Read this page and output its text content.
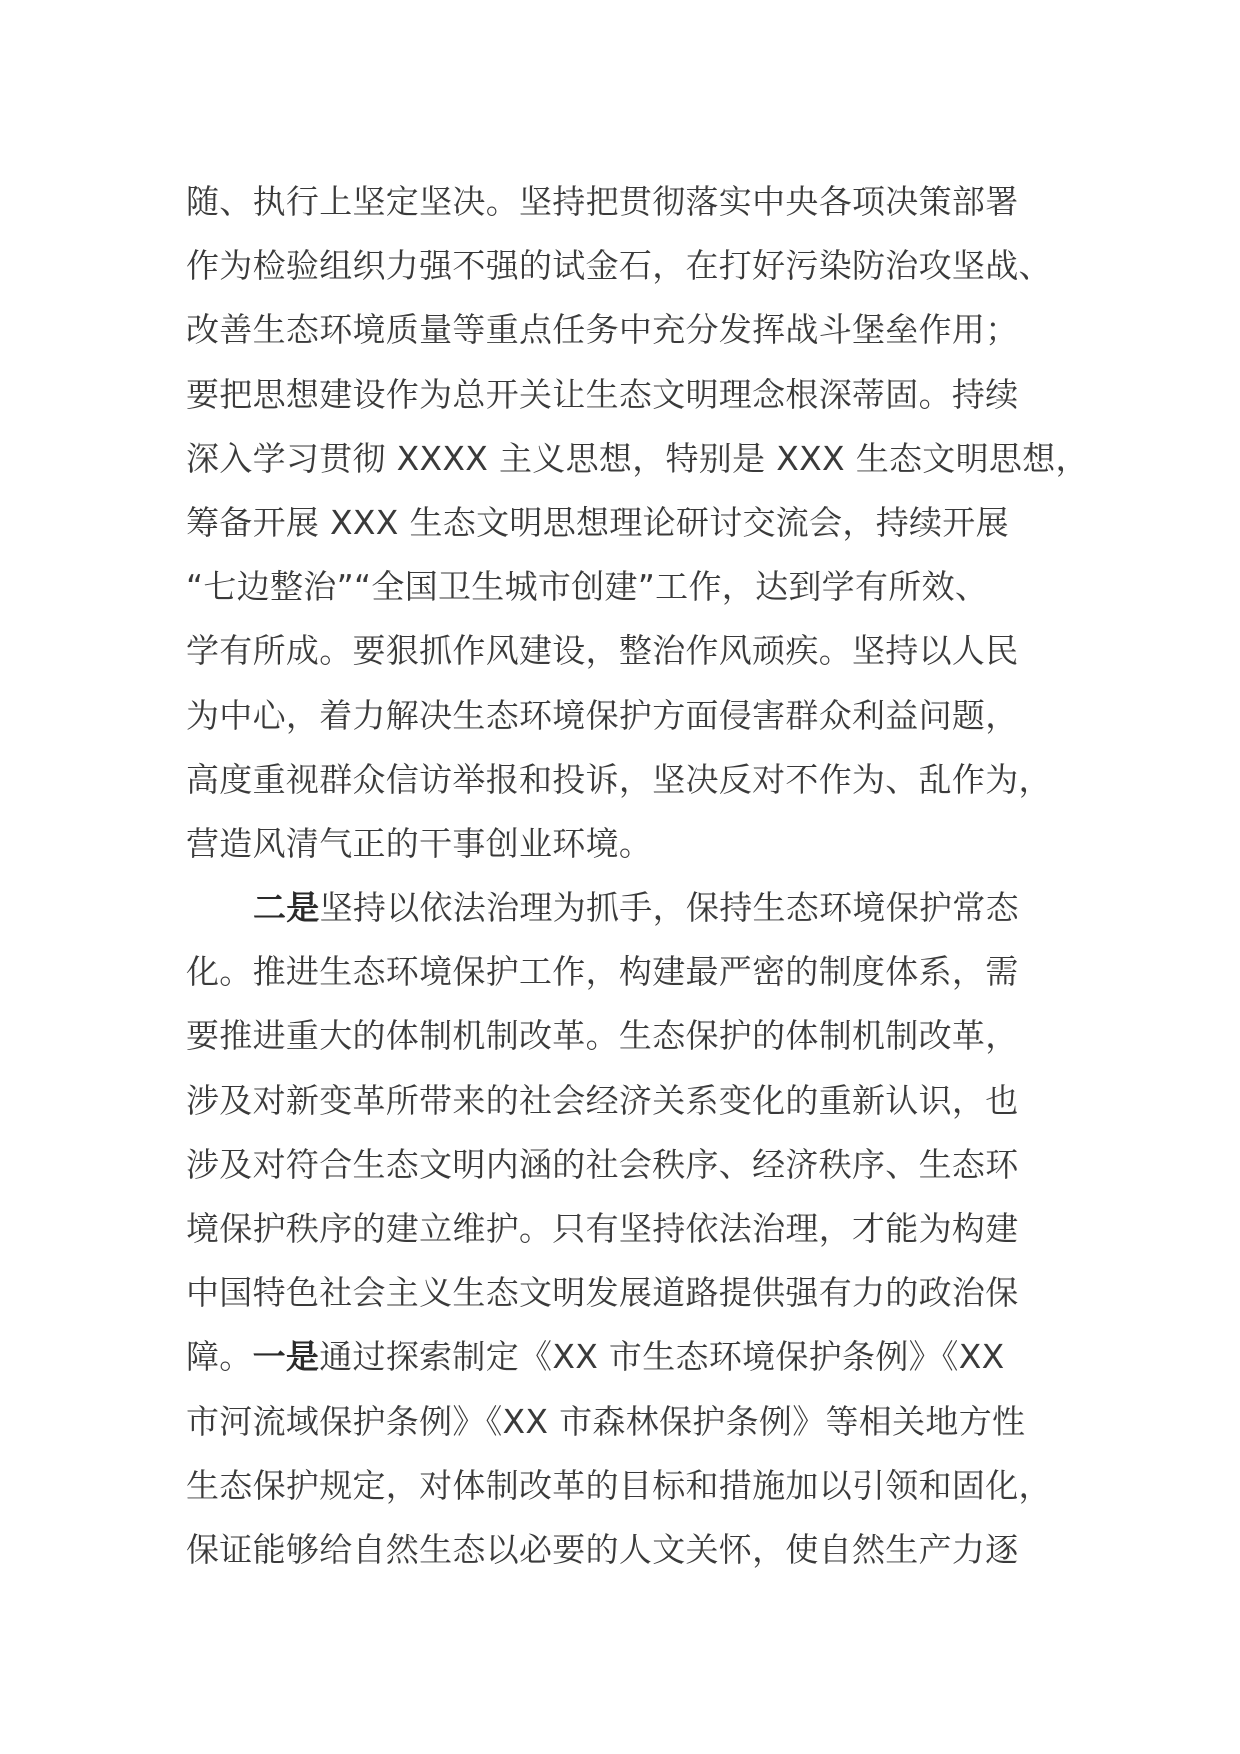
随、执行上坚定坚决。坚持把贯彻落实中央各项决策部署
作为检验组织力强不强的试金石，在打好污染防治攻坚战、
改善生态环境质量等重点任务中充分发挥战斗堡垒作用；
要把思想建设作为总开关让生态文明理念根深蒂固。持续
深入学习贯彻 XXXX 主义思想，特别是 XXX 生态文明思想，
筹备开展 XXX 生态文明思想理论研讨交流会，持续开展
“七边整治”“全国卫生城市创建”工作，达到学有所效、
学有所成。要狠抓作风建设，整治作风顽疾。坚持以人民
为中心，着力解决生态环境保护方面侵害群众利益问题，
高度重视群众信访举报和投诉，坚决反对不作为、乱作为，
营造风清气正的干事创业环境。
二是坚持以依法治理为抓手，保持生态环境保护常态
化。推进生态环境保护工作，构建最严密的制度体系，需
要推进重大的体制机制改革。生态保护的体制机制改革，
涉及对新变革所带来的社会经济关系变化的重新认识，也
涉及对符合生态文明内涵的社会秩序、经济秩序、生态环
境保护秩序的建立维护。只有坚持依法治理，才能为构建
中国特色社会主义生态文明发展道路提供强有力的政治保
障。一是通过探索制定《XX 市生态环境保护条例》《XX
市河流域保护条例》《XX 市森林保护条例》等相关地方性
生态保护规定，对体制改革的目标和措施加以引领和固化，
保证能够给自然生态以必要的人文关怀，使自然生产力逐
